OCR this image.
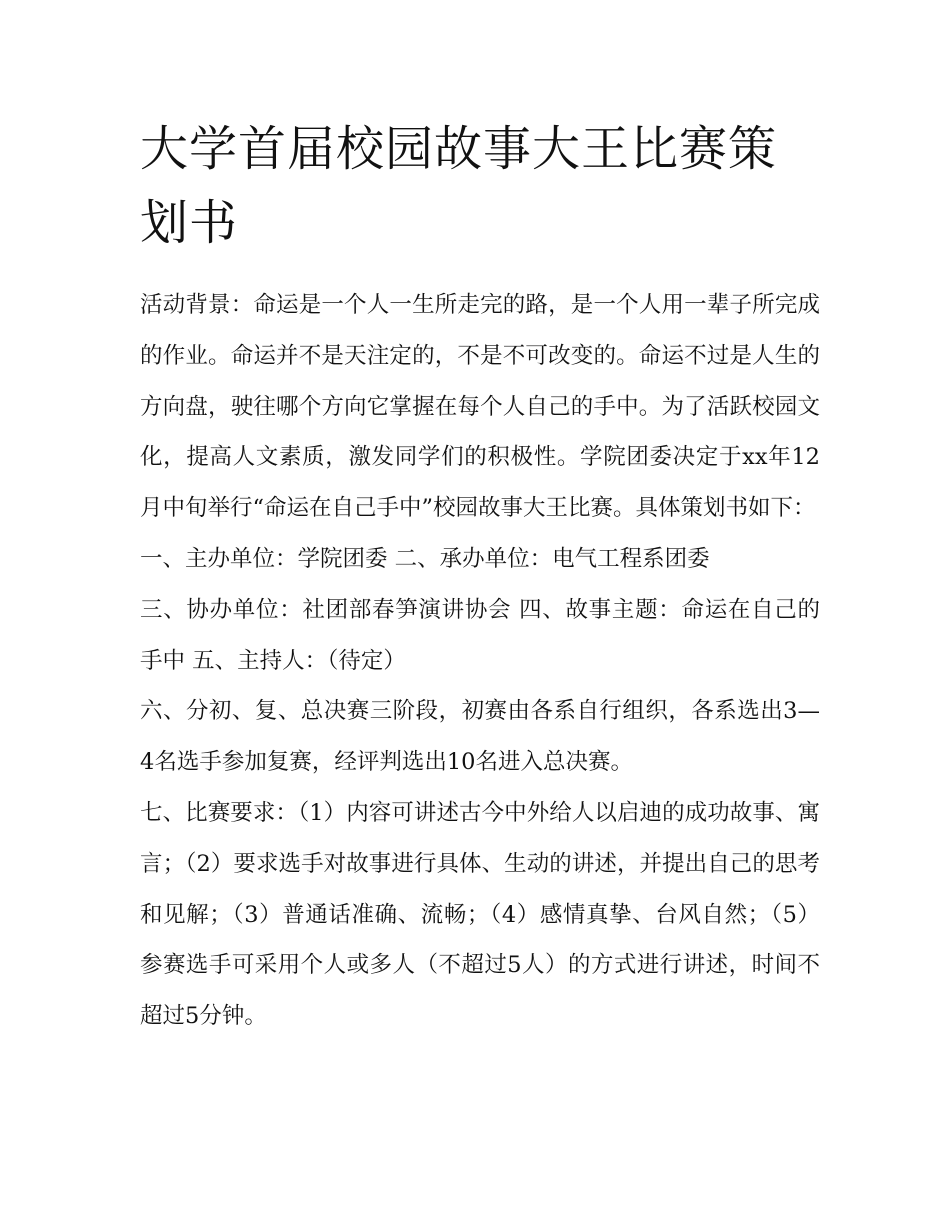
大学首届校园故事大王比赛策划书

活动背景：命运是一个人一生所走完的路，是一个人用一辈子所完成的作业。命运并不是天注定的，不是不可改变的。命运不过是人生的方向盘，驶往哪个方向它掌握在每个人自己的手中。为了活跃校园文化，提高人文素质，激发同学们的积极性。学院团委决定于xx年12月中旬举行“命运在自己手中”校园故事大王比赛。具体策划书如下：

一、主办单位：学院团委 二、承办单位：电气工程系团委

三、协办单位：社团部春笋演讲协会 四、故事主题：命运在自己的手中 五、主持人：（待定）

六、分初、复、总决赛三阶段，初赛由各系自行组织，各系选出3—4名选手参加复赛，经评判选出10名进入总决赛。

七、比赛要求：（1）内容可讲述古今中外给人以启迪的成功故事、寓言；（2）要求选手对故事进行具体、生动的讲述，并提出自己的思考和见解；（3）普通话准确、流畅；（4）感情真挚、台风自然；（5）参赛选手可采用个人或多人（不超过5人）的方式进行讲述，时间不超过5分钟。
